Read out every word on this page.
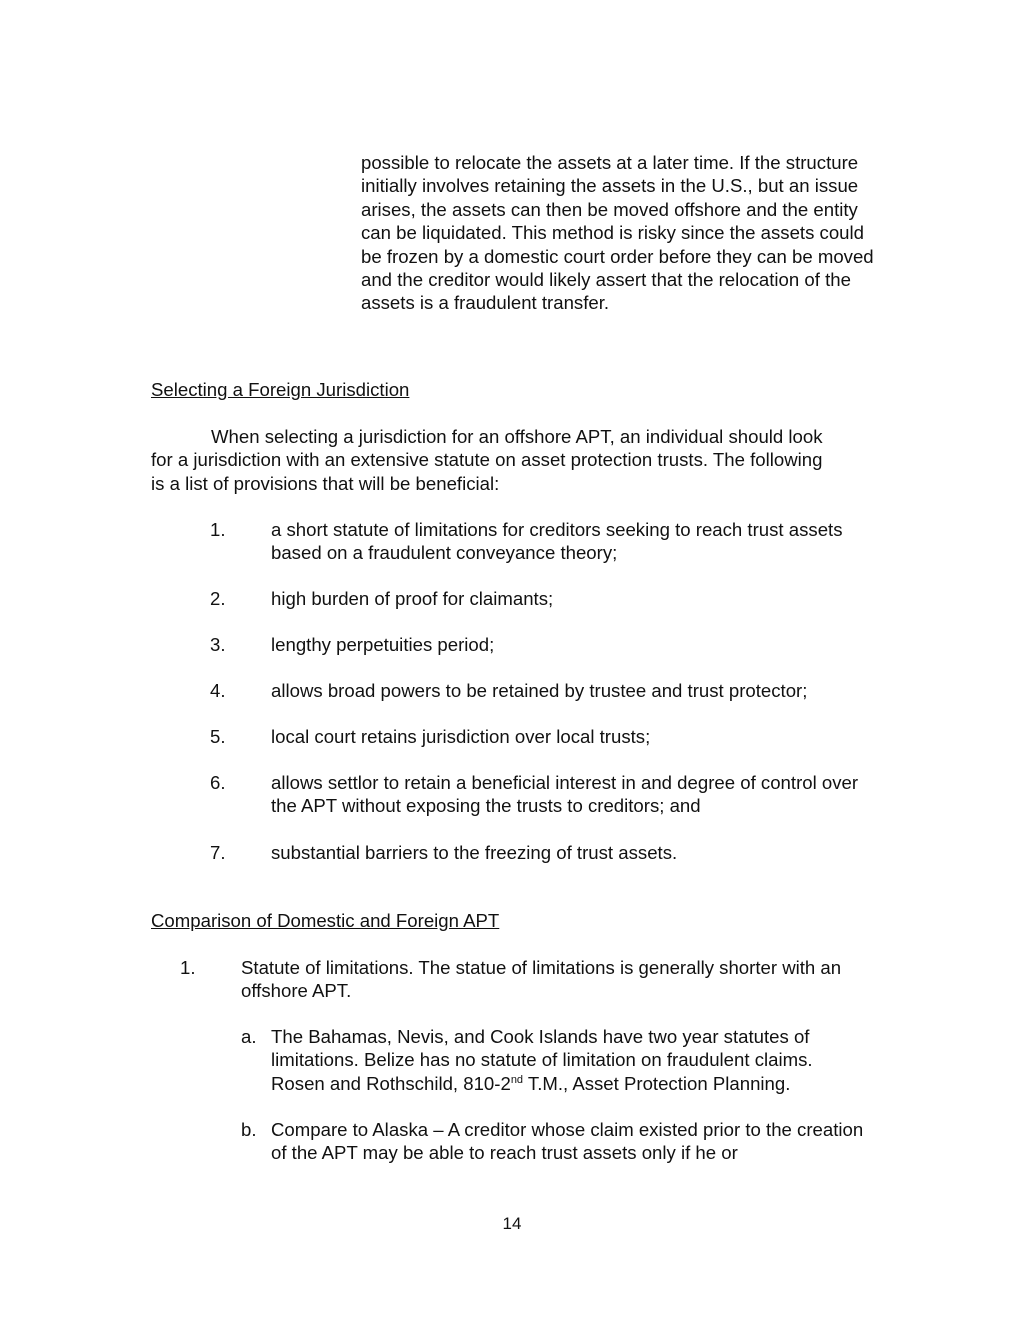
possible to relocate the assets at a later time. If the structure initially involves retaining the assets in the U.S., but an issue arises, the assets can then be moved offshore and the entity can be liquidated. This method is risky since the assets could be frozen by a domestic court order before they can be moved and the creditor would likely assert that the relocation of the assets is a fraudulent transfer.

Selecting a Foreign Jurisdiction

When selecting a jurisdiction for an offshore APT, an individual should look for a jurisdiction with an extensive statute on asset protection trusts. The following is a list of provisions that will be beneficial:

1. a short statute of limitations for creditors seeking to reach trust assets based on a fraudulent conveyance theory;

2. high burden of proof for claimants;

3. lengthy perpetuities period;

4. allows broad powers to be retained by trustee and trust protector;

5. local court retains jurisdiction over local trusts;

6. allows settlor to retain a beneficial interest in and degree of control over the APT without exposing the trusts to creditors; and

7. substantial barriers to the freezing of trust assets.

Comparison of Domestic and Foreign APT
1. Statute of limitations. The statue of limitations is generally shorter with an offshore APT.

a. The Bahamas, Nevis, and Cook Islands have two year statutes of limitations. Belize has no statute of limitation on fraudulent claims. Rosen and Rothschild, 810-2nd T.M., Asset Protection Planning.

b. Compare to Alaska – A creditor whose claim existed prior to the creation of the APT may be able to reach trust assets only if he or

14
